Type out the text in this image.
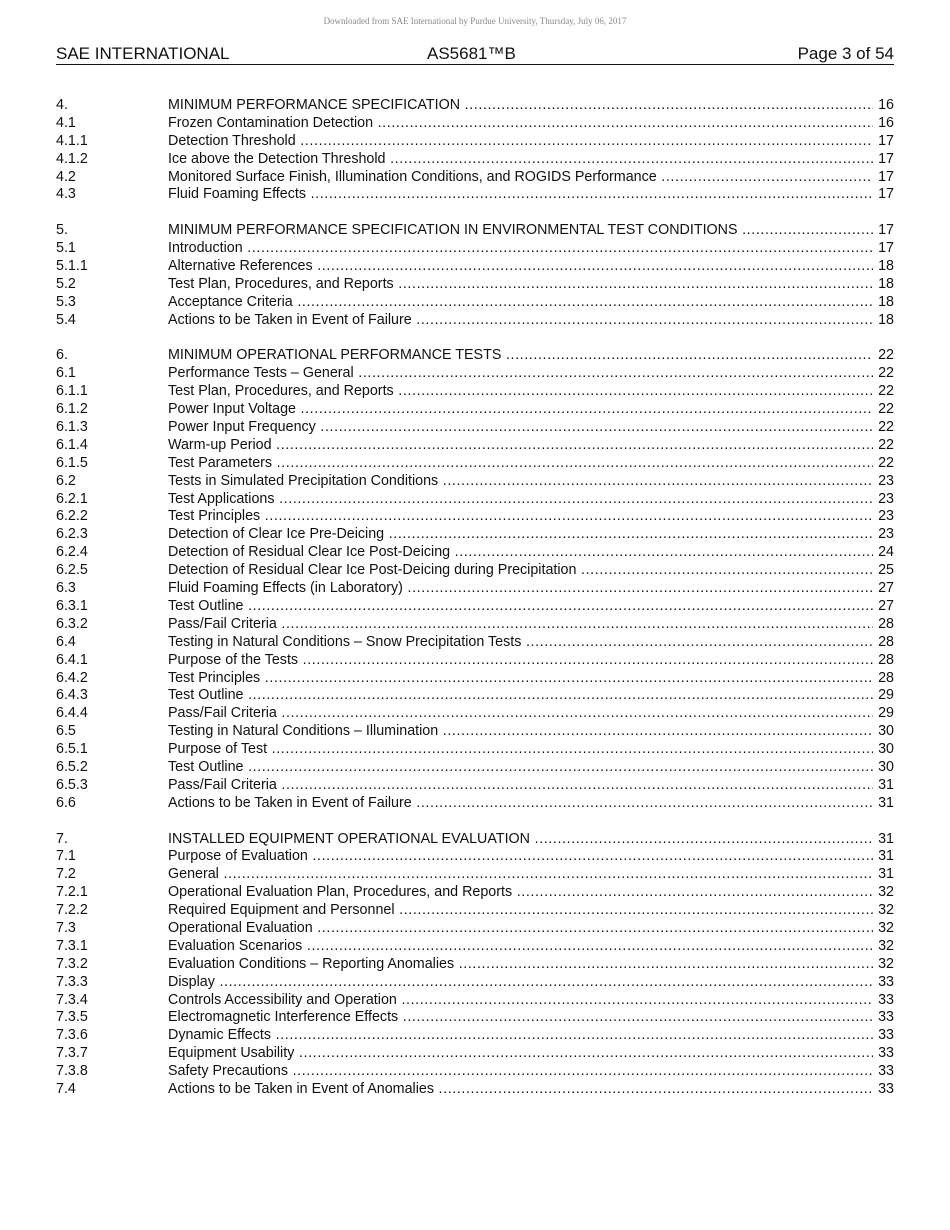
Downloaded from SAE International by Purdue University, Thursday, July 06, 2017
SAE INTERNATIONAL	AS5681™B	Page 3 of 54
4.	MINIMUM PERFORMANCE SPECIFICATION .....	16
4.1	Frozen Contamination Detection .....	16
4.1.1	Detection Threshold .....	17
4.1.2	Ice above the Detection Threshold .....	17
4.2	Monitored Surface Finish, Illumination Conditions, and ROGIDS Performance .....	17
4.3	Fluid Foaming Effects .....	17
5.	MINIMUM PERFORMANCE SPECIFICATION IN ENVIRONMENTAL TEST CONDITIONS .....	17
5.1	Introduction .....	17
5.1.1	Alternative References .....	18
5.2	Test Plan, Procedures, and Reports .....	18
5.3	Acceptance Criteria .....	18
5.4	Actions to be Taken in Event of Failure .....	18
6.	MINIMUM OPERATIONAL PERFORMANCE TESTS .....	22
6.1	Performance Tests – General .....	22
6.1.1	Test Plan, Procedures, and Reports .....	22
6.1.2	Power Input Voltage .....	22
6.1.3	Power Input Frequency .....	22
6.1.4	Warm-up Period .....	22
6.1.5	Test Parameters .....	22
6.2	Tests in Simulated Precipitation Conditions .....	23
6.2.1	Test Applications .....	23
6.2.2	Test Principles .....	23
6.2.3	Detection of Clear Ice Pre-Deicing .....	23
6.2.4	Detection of Residual Clear Ice Post-Deicing .....	24
6.2.5	Detection of Residual Clear Ice Post-Deicing during Precipitation .....	25
6.3	Fluid Foaming Effects (in Laboratory) .....	27
6.3.1	Test Outline .....	27
6.3.2	Pass/Fail Criteria .....	28
6.4	Testing in Natural Conditions – Snow Precipitation Tests .....	28
6.4.1	Purpose of the Tests .....	28
6.4.2	Test Principles .....	28
6.4.3	Test Outline .....	29
6.4.4	Pass/Fail Criteria .....	29
6.5	Testing in Natural Conditions – Illumination .....	30
6.5.1	Purpose of Test .....	30
6.5.2	Test Outline .....	30
6.5.3	Pass/Fail Criteria .....	31
6.6	Actions to be Taken in Event of Failure .....	31
7.	INSTALLED EQUIPMENT OPERATIONAL EVALUATION .....	31
7.1	Purpose of Evaluation .....	31
7.2	General .....	31
7.2.1	Operational Evaluation Plan, Procedures, and Reports .....	32
7.2.2	Required Equipment and Personnel .....	32
7.3	Operational Evaluation .....	32
7.3.1	Evaluation Scenarios .....	32
7.3.2	Evaluation Conditions – Reporting Anomalies .....	32
7.3.3	Display .....	33
7.3.4	Controls Accessibility and Operation .....	33
7.3.5	Electromagnetic Interference Effects .....	33
7.3.6	Dynamic Effects .....	33
7.3.7	Equipment Usability .....	33
7.3.8	Safety Precautions .....	33
7.4	Actions to be Taken in Event of Anomalies .....	33
